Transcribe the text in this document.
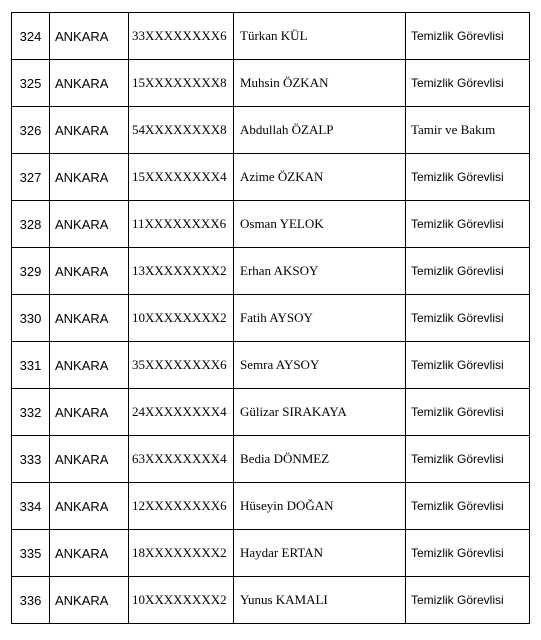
324	ANKARA	33XXXXXXXX6	Türkan KÜL	Temizlik Görevlisi
325	ANKARA	15XXXXXXXX8	Muhsin ÖZKAN	Temizlik Görevlisi
326	ANKARA	54XXXXXXXX8	Abdullah ÖZALP	Tamir ve Bakım
327	ANKARA	15XXXXXXXX4	Azime ÖZKAN	Temizlik Görevlisi
328	ANKARA	11XXXXXXXX6	Osman YELOK	Temizlik Görevlisi
329	ANKARA	13XXXXXXXX2	Erhan AKSOY	Temizlik Görevlisi
330	ANKARA	10XXXXXXXX2	Fatih AYSOY	Temizlik Görevlisi
331	ANKARA	35XXXXXXXX6	Semra AYSOY	Temizlik Görevlisi
332	ANKARA	24XXXXXXXX4	Gülizar SIRAKAYA	Temizlik Görevlisi
333	ANKARA	63XXXXXXXX4	Bedia DÖNMEZ	Temizlik Görevlisi
334	ANKARA	12XXXXXXXX6	Hüseyin DOĞAN	Temizlik Görevlisi
335	ANKARA	18XXXXXXXX2	Haydar ERTAN	Temizlik Görevlisi
336	ANKARA	10XXXXXXXX2	Yunus KAMALI	Temizlik Görevlisi
